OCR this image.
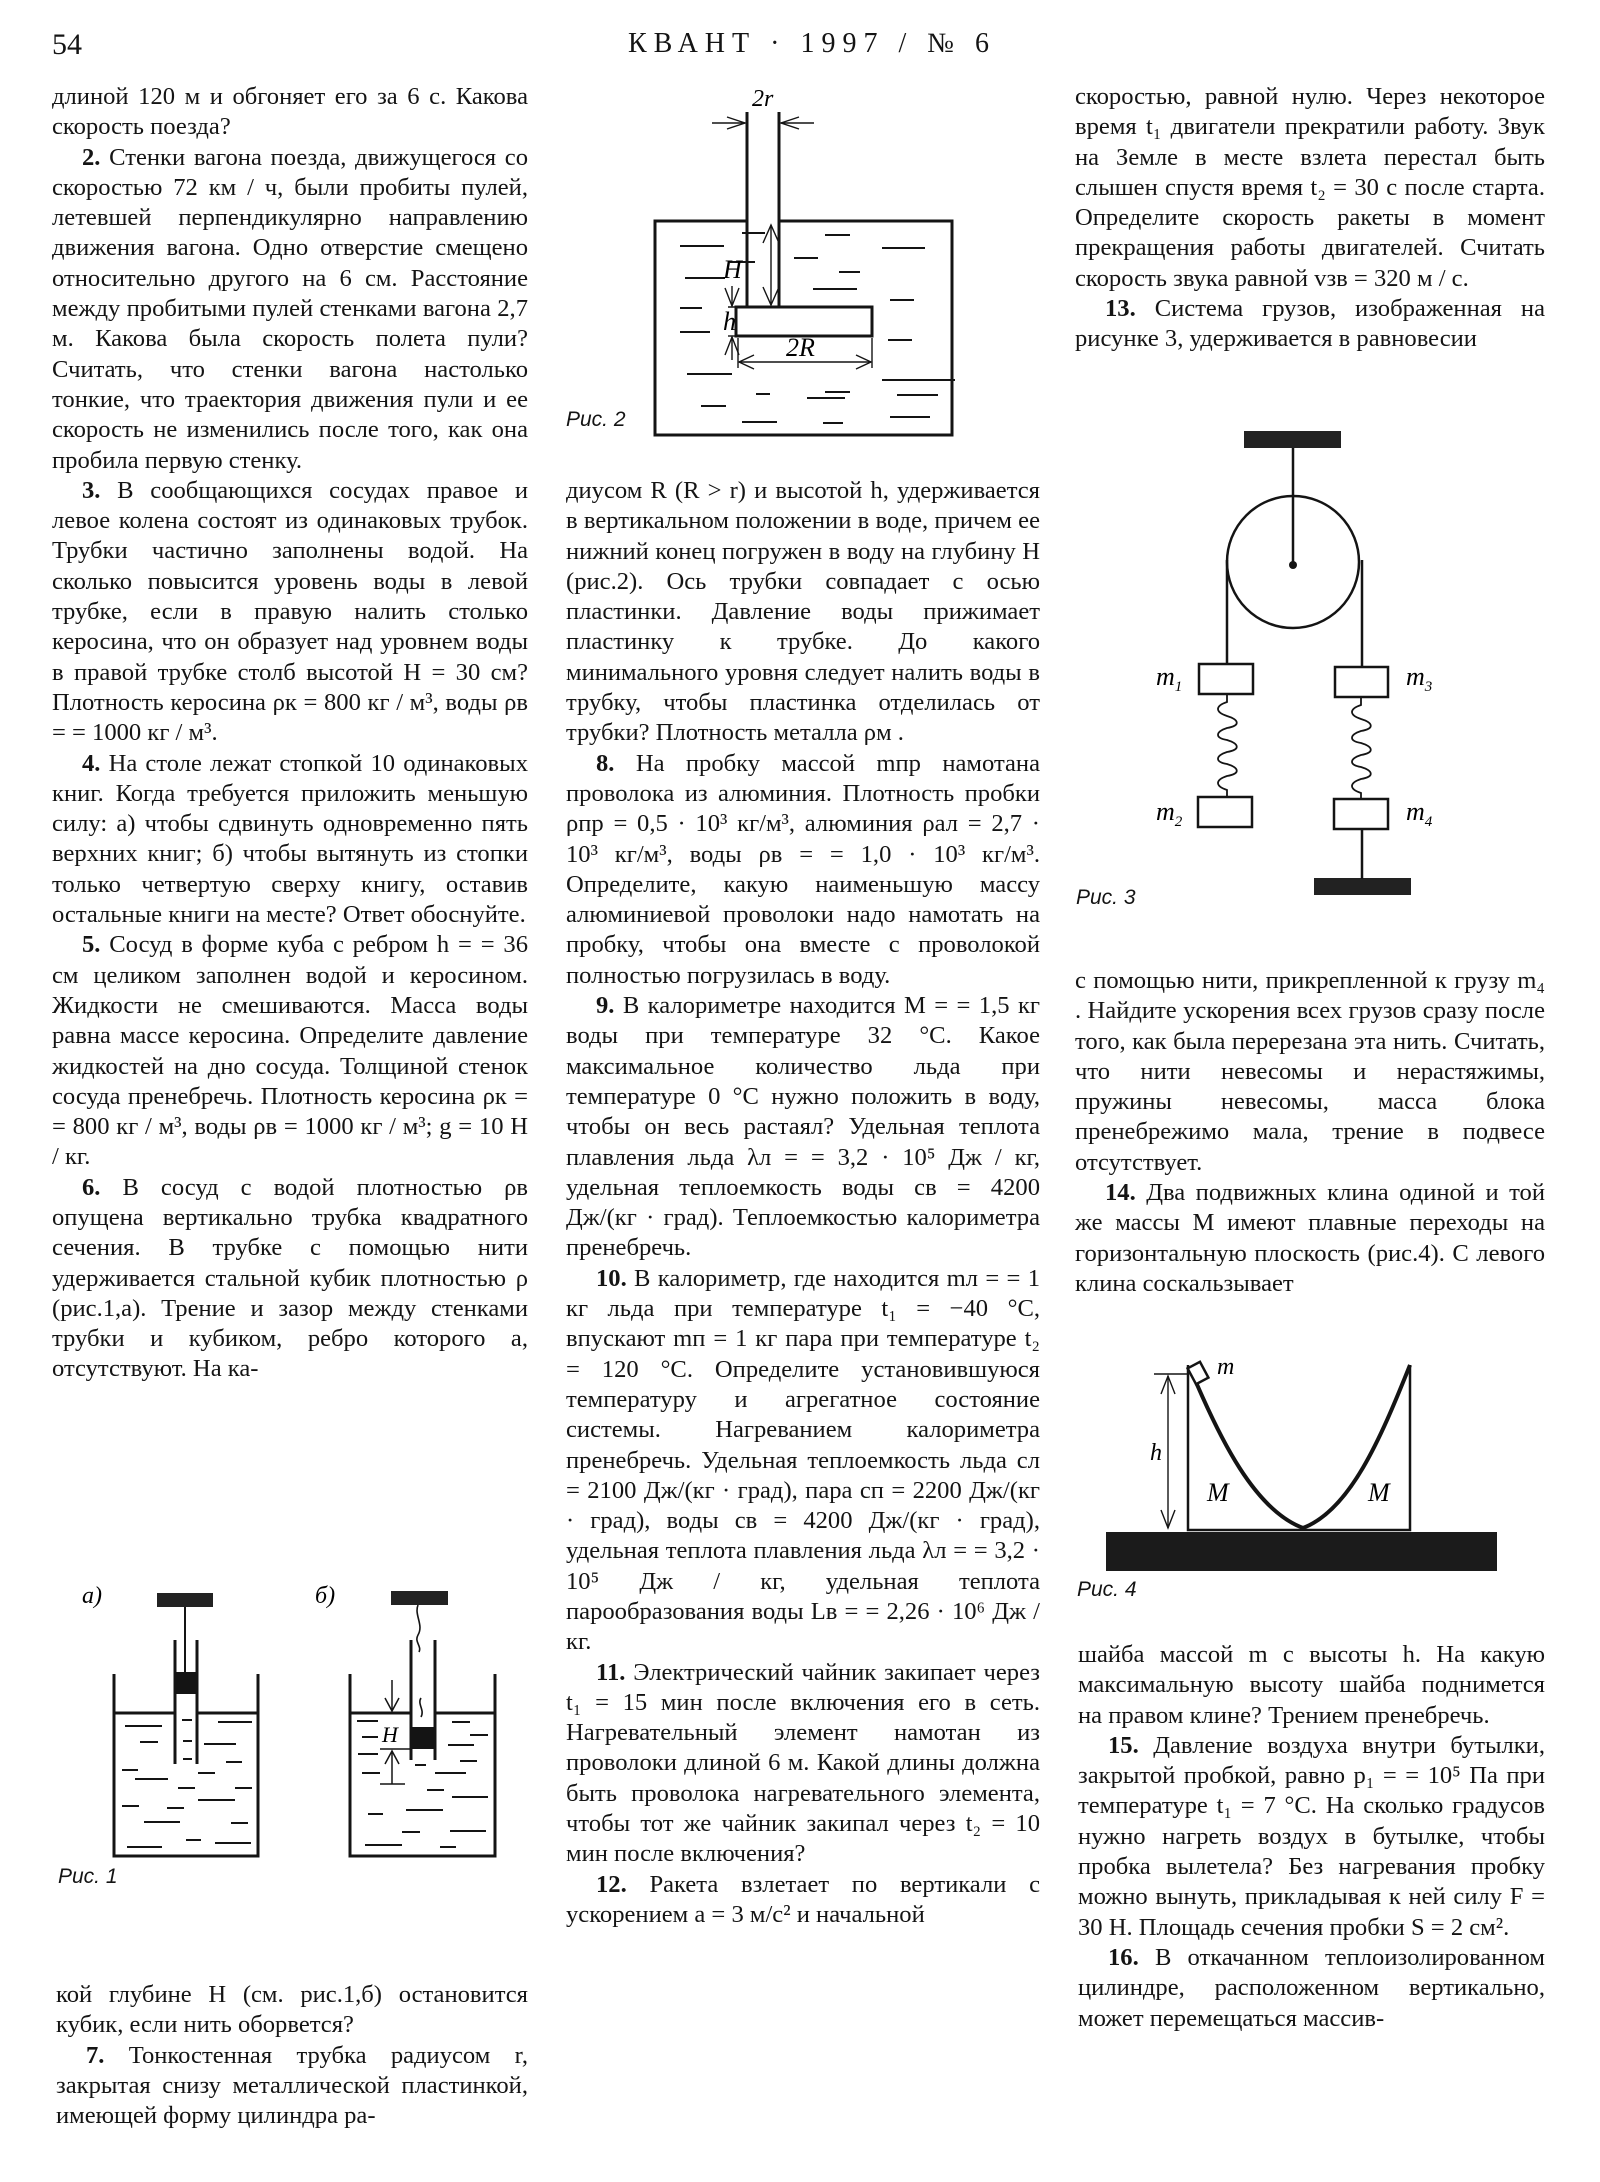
54	КВАНТ · 1997 / № 6

длиной 120 м и обгоняет его за 6 с. Какова скорость поезда?

2. Стенки вагона поезда, движущегося со скоростью 72 км / ч, были пробиты пулей, летевшей перпендикулярно направлению движения вагона. Одно отверстие смещено относительно другого на 6 см. Расстояние между пробитыми пулей стенками вагона 2,7 м. Какова была скорость полета пули? Считать, что стенки вагона настолько тонкие, что траектория движения пули и ее скорость не изменились после того, как она пробила первую стенку.

3. В сообщающихся сосудах правое и левое колена состоят из одинаковых трубок. Трубки частично заполнены водой. На сколько повысится уровень воды в левой трубке, если в правую налить столько керосина, что он образует над уровнем воды в правой трубке столб высотой H = 30 см? Плотность керосина ρк = 800 кг / м³, воды ρв = = 1000 кг / м³.

4. На столе лежат стопкой 10 одинаковых книг. Когда требуется приложить меньшую силу: а) чтобы сдвинуть одновременно пять верхних книг; б) чтобы вытянуть из стопки только четвертую сверху книгу, оставив остальные книги на месте? Ответ обоснуйте.

5. Сосуд в форме куба с ребром h = = 36 см целиком заполнен водой и керосином. Жидкости не смешиваются. Масса воды равна массе керосина. Определите давление жидкостей на дно сосуда. Толщиной стенок сосуда пренебречь. Плотность керосина ρк = = 800 кг / м³, воды ρв = 1000 кг / м³; g = 10 Н / кг.

6. В сосуд с водой плотностью ρв опущена вертикально трубка квадратного сечения. В трубке с помощью нити удерживается стальной кубик плотностью ρ (рис.1,а). Трение и зазор между стенками трубки и кубиком, ребро которого a, отсутствуют. На ка-

H
а)	б)
Рис. 1

кой глубине H (см. рис.1,б) остановится кубик, если нить оборвется?

7. Тонкостенная трубка радиусом r, закрытая снизу металлической пластинкой, имеющей форму цилиндра ра-

2r
H
h
2R
Рис. 2

диусом R (R > r) и высотой h, удерживается в вертикальном положении в воде, причем ее нижний конец погружен в воду на глубину H (рис.2). Ось трубки совпадает с осью пластинки. Давление воды прижимает пластинку к трубке. До какого минимального уровня следует налить воды в трубку, чтобы пластинка отделилась от трубки? Плотность металла ρм .

8. На пробку массой mпр намотана проволока из алюминия. Плотность пробки ρпр = 0,5 · 10³ кг/м³, алюминия ρал = 2,7 · 10³ кг/м³, воды ρв = = 1,0 · 10³ кг/м³. Определите, какую наименьшую массу алюминиевой проволоки надо намотать на пробку, чтобы она вместе с проволокой полностью погрузилась в воду.

9. В калориметре находится M = = 1,5 кг воды при температуре 32 °С. Какое максимальное количество льда при температуре 0 °С нужно положить в воду, чтобы он весь растаял? Удельная теплота плавления льда λл = = 3,2 · 10⁵ Дж / кг, удельная теплоемкость воды cв = 4200 Дж/(кг · град). Теплоемкостью калориметра пренебречь.

10. В калориметр, где находится mл = = 1 кг льда при температуре t₁ = −40 °С, впускают mп = 1 кг пара при температуре t₂ = 120 °С. Определите установившуюся температуру и агрегатное состояние системы. Нагреванием калориметра пренебречь. Удельная теплоемкость льда cл = 2100 Дж/(кг · град), пара cп = 2200 Дж/(кг · град), воды cв = 4200 Дж/(кг · град), удельная теплота плавления льда λл = = 3,2 · 10⁵ Дж / кг, удельная теплота парообразования воды Lв = = 2,26 · 10⁶ Дж / кг.

11. Электрический чайник закипает через t₁ = 15 мин после включения его в сеть. Нагревательный элемент намотан из проволоки длиной 6 м. Какой длины должна быть проволока нагревательного элемента, чтобы тот же чайник закипал через t₂ = 10 мин после включения?

12. Ракета взлетает по вертикали с ускорением a = 3 м/с² и начальной

скоростью, равной нулю. Через некоторое время t₁ двигатели прекратили работу. Звук на Земле в месте взлета перестал быть слышен спустя время t₂ = 30 с после старта. Определите скорость ракеты в момент прекращения работы двигателей. Считать скорость звука равной vзв = 320 м / с.

13. Система грузов, изображенная на рисунке 3, удерживается в равновесии

$m_1$
$m_2$
$m_3$
$m_4$
Рис. 3

с помощью нити, прикрепленной к грузу m₄ . Найдите ускорения всех грузов сразу после того, как была перерезана эта нить. Считать, что нити невесомы и нерастяжимы, пружины невесомы, масса блока пренебрежимо мала, трение в подвесе отсутствует.

14. Два подвижных клина одиной и той же массы M имеют плавные переходы на горизонтальную плоскость (рис.4). С левого клина соскальзывает

m
h
M	M
Рис. 4

шайба массой m с высоты h. На какую максимальную высоту шайба поднимется на правом клине? Трением пренебречь.

15. Давление воздуха внутри бутылки, закрытой пробкой, равно p₁ = = 10⁵ Па при температуре t₁ = 7 °С. На сколько градусов нужно нагреть воздух в бутылке, чтобы пробка вылетела? Без нагревания пробку можно вынуть, прикладывая к ней силу F = 30 Н. Площадь сечения пробки S = 2 см².

16. В откачанном теплоизолированном цилиндре, расположенном вертикально, может перемещаться массив-
